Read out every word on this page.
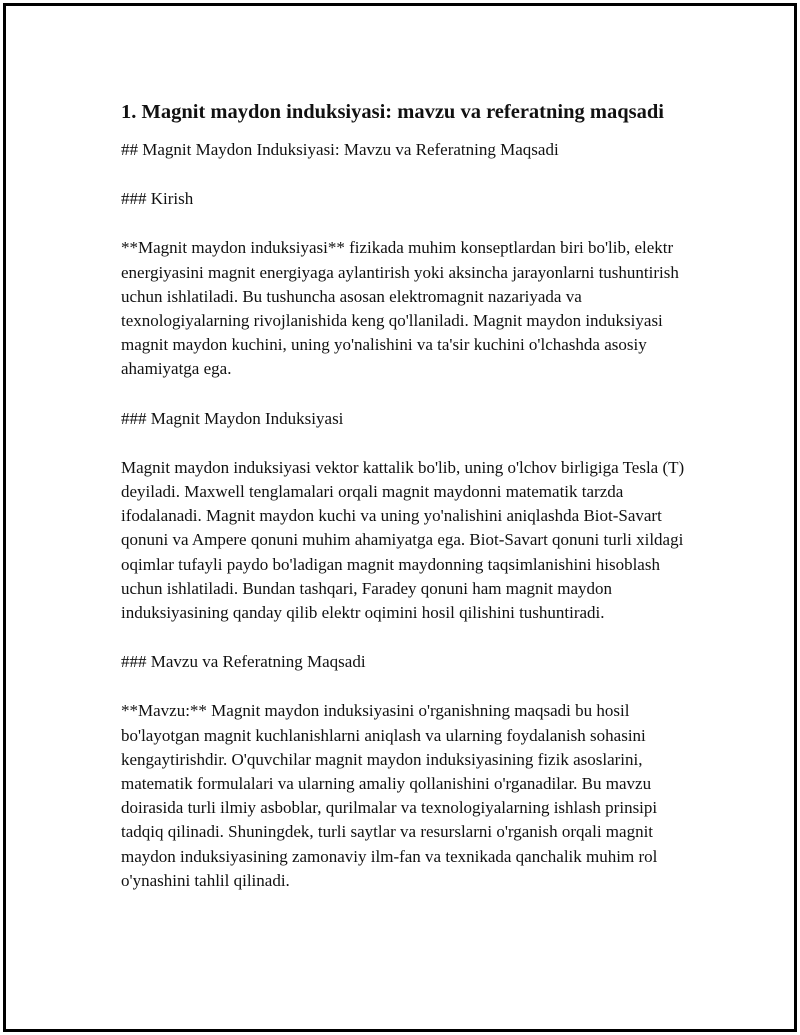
1. Magnit maydon induksiyasi: mavzu va referatning maqsadi
## Magnit Maydon Induksiyasi: Mavzu va Referatning Maqsadi
### Kirish
**Magnit maydon induksiyasi** fizikada muhim konseptlardan biri bo'lib, elektr energiyasini magnit energiyaga aylantirish yoki aksincha jarayonlarni tushuntirish uchun ishlatiladi. Bu tushuncha asosan elektromagnit nazariyada va texnologiyalarning rivojlanishida keng qo'llaniladi. Magnit maydon induksiyasi magnit maydon kuchini, uning yo'nalishini va ta'sir kuchini o'lchashda asosiy ahamiyatga ega.
### Magnit Maydon Induksiyasi
Magnit maydon induksiyasi vektor kattalik bo'lib, uning o'lchov birligiga Tesla (T) deyiladi. Maxwell tenglamalari orqali magnit maydonni matematik tarzda ifodalanadi. Magnit maydon kuchi va uning yo'nalishini aniqlashda Biot-Savart qonuni va Ampere qonuni muhim ahamiyatga ega. Biot-Savart qonuni turli xildagi oqimlar tufayli paydo bo'ladigan magnit maydonning taqsimlanishini hisoblash uchun ishlatiladi. Bundan tashqari, Faradey qonuni ham magnit maydon induksiyasining qanday qilib elektr oqimini hosil qilishini tushuntiradi.
### Mavzu va Referatning Maqsadi
**Mavzu:** Magnit maydon induksiyasini o'rganishning maqsadi bu hosil bo'layotgan magnit kuchlanishlarni aniqlash va ularning foydalanish sohasini kengaytirishdir. O'quvchilar magnit maydon induksiyasining fizik asoslarini, matematik formulalari va ularning amaliy qollanishini o'rganadilar. Bu mavzu doirasida turli ilmiy asboblar, qurilmalar va texnologiyalarning ishlash prinsipi tadqiq qilinadi. Shuningdek, turli saytlar va resurslarni o'rganish orqali magnit maydon induksiyasining zamonaviy ilm-fan va texnikada qanchalik muhim rol o'ynashini tahlil qilinadi.
